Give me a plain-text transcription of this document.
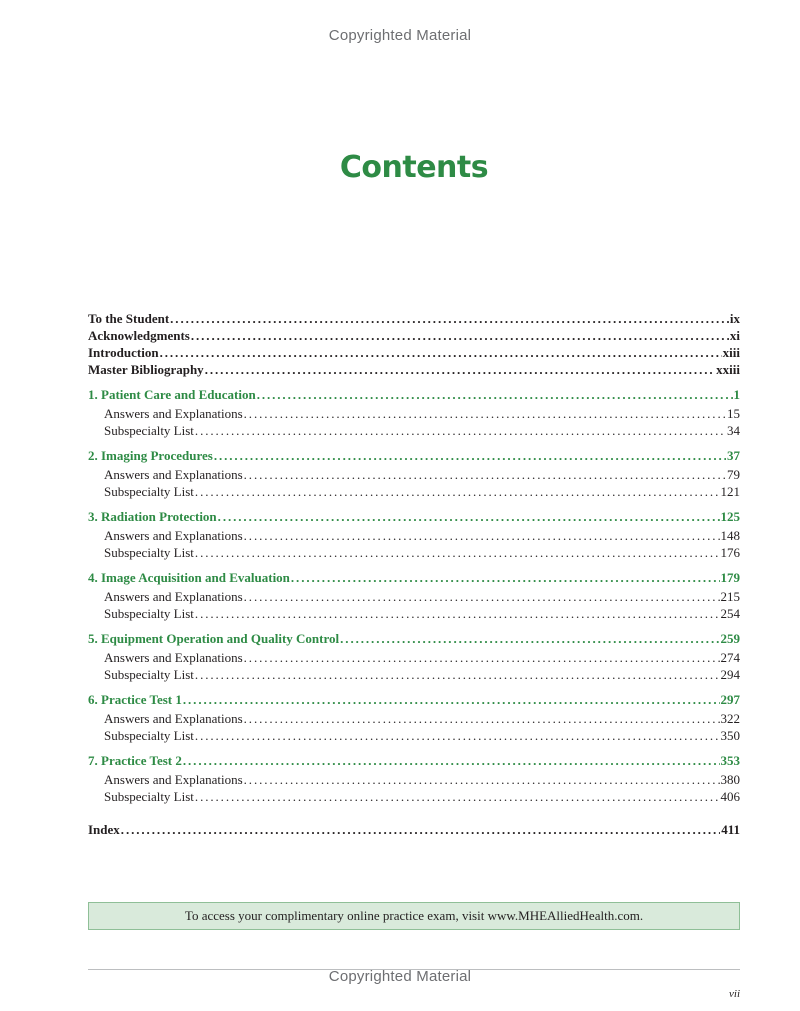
Copyrighted Material
Contents
To the Student .....	ix
Acknowledgments .....	xi
Introduction .....	xiii
Master Bibliography .....	xxiii
1. Patient Care and Education .....	1
Answers and Explanations .....	15
Subspecialty List .....	34
2. Imaging Procedures .....	37
Answers and Explanations .....	79
Subspecialty List .....	121
3. Radiation Protection .....	125
Answers and Explanations .....	148
Subspecialty List .....	176
4. Image Acquisition and Evaluation .....	179
Answers and Explanations .....	215
Subspecialty List .....	254
5. Equipment Operation and Quality Control .....	259
Answers and Explanations .....	274
Subspecialty List .....	294
6. Practice Test 1 .....	297
Answers and Explanations .....	322
Subspecialty List .....	350
7. Practice Test 2 .....	353
Answers and Explanations .....	380
Subspecialty List .....	406
Index .....	411
To access your complimentary online practice exam, visit www.MHEAlliedHealth.com.
Copyrighted Material
vii
